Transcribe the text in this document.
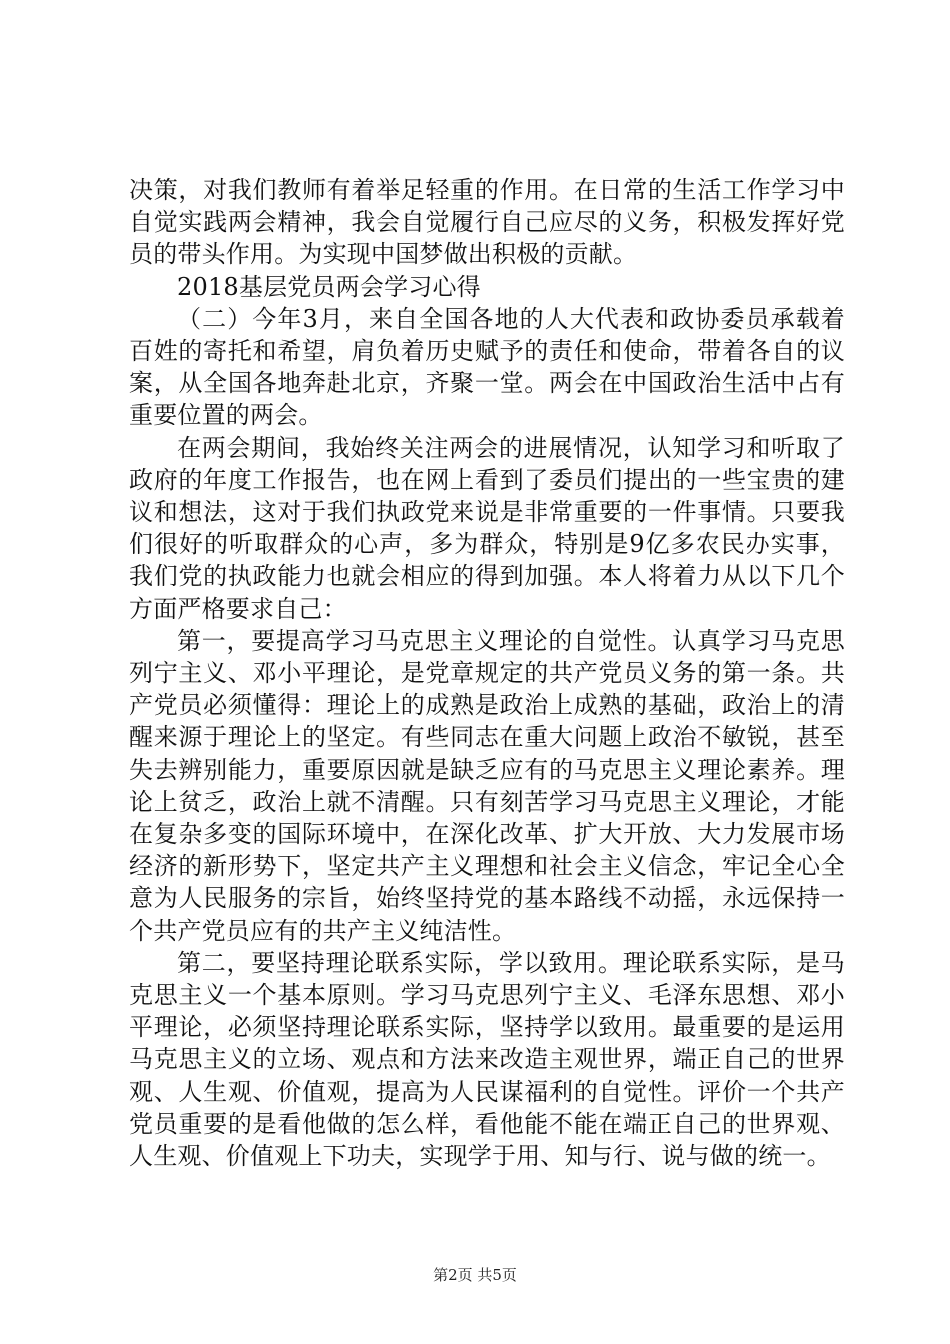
决策，对我们教师有着举足轻重的作用。在日常的生活工作学习中自觉实践两会精神，我会自觉履行自己应尽的义务，积极发挥好党员的带头作用。为实现中国梦做出积极的贡献。

2018基层党员两会学习心得

（二）今年3月，来自全国各地的人大代表和政协委员承载着百姓的寄托和希望，肩负着历史赋予的责任和使命，带着各自的议案，从全国各地奔赴北京，齐聚一堂。两会在中国政治生活中占有重要位置的两会。

在两会期间，我始终关注两会的进展情况，认知学习和听取了政府的年度工作报告，也在网上看到了委员们提出的一些宝贵的建议和想法，这对于我们执政党来说是非常重要的一件事情。只要我们很好的听取群众的心声，多为群众，特别是9亿多农民办实事，我们党的执政能力也就会相应的得到加强。本人将着力从以下几个方面严格要求自己：

第一，要提高学习马克思主义理论的自觉性。认真学习马克思列宁主义、邓小平理论，是党章规定的共产党员义务的第一条。共产党员必须懂得：理论上的成熟是政治上成熟的基础，政治上的清醒来源于理论上的坚定。有些同志在重大问题上政治不敏锐，甚至失去辨别能力，重要原因就是缺乏应有的马克思主义理论素养。理论上贫乏，政治上就不清醒。只有刻苦学习马克思主义理论，才能在复杂多变的国际环境中，在深化改革、扩大开放、大力发展市场经济的新形势下，坚定共产主义理想和社会主义信念，牢记全心全意为人民服务的宗旨，始终坚持党的基本路线不动摇，永远保持一个共产党员应有的共产主义纯洁性。

第二，要坚持理论联系实际，学以致用。理论联系实际，是马克思主义一个基本原则。学习马克思列宁主义、毛泽东思想、邓小平理论，必须坚持理论联系实际，坚持学以致用。最重要的是运用马克思主义的立场、观点和方法来改造主观世界，端正自己的世界观、人生观、价值观，提高为人民谋福利的自觉性。评价一个共产党员重要的是看他做的怎么样，看他能不能在端正自己的世界观、人生观、价值观上下功夫，实现学于用、知与行、说与做的统一。

第2页 共5页
